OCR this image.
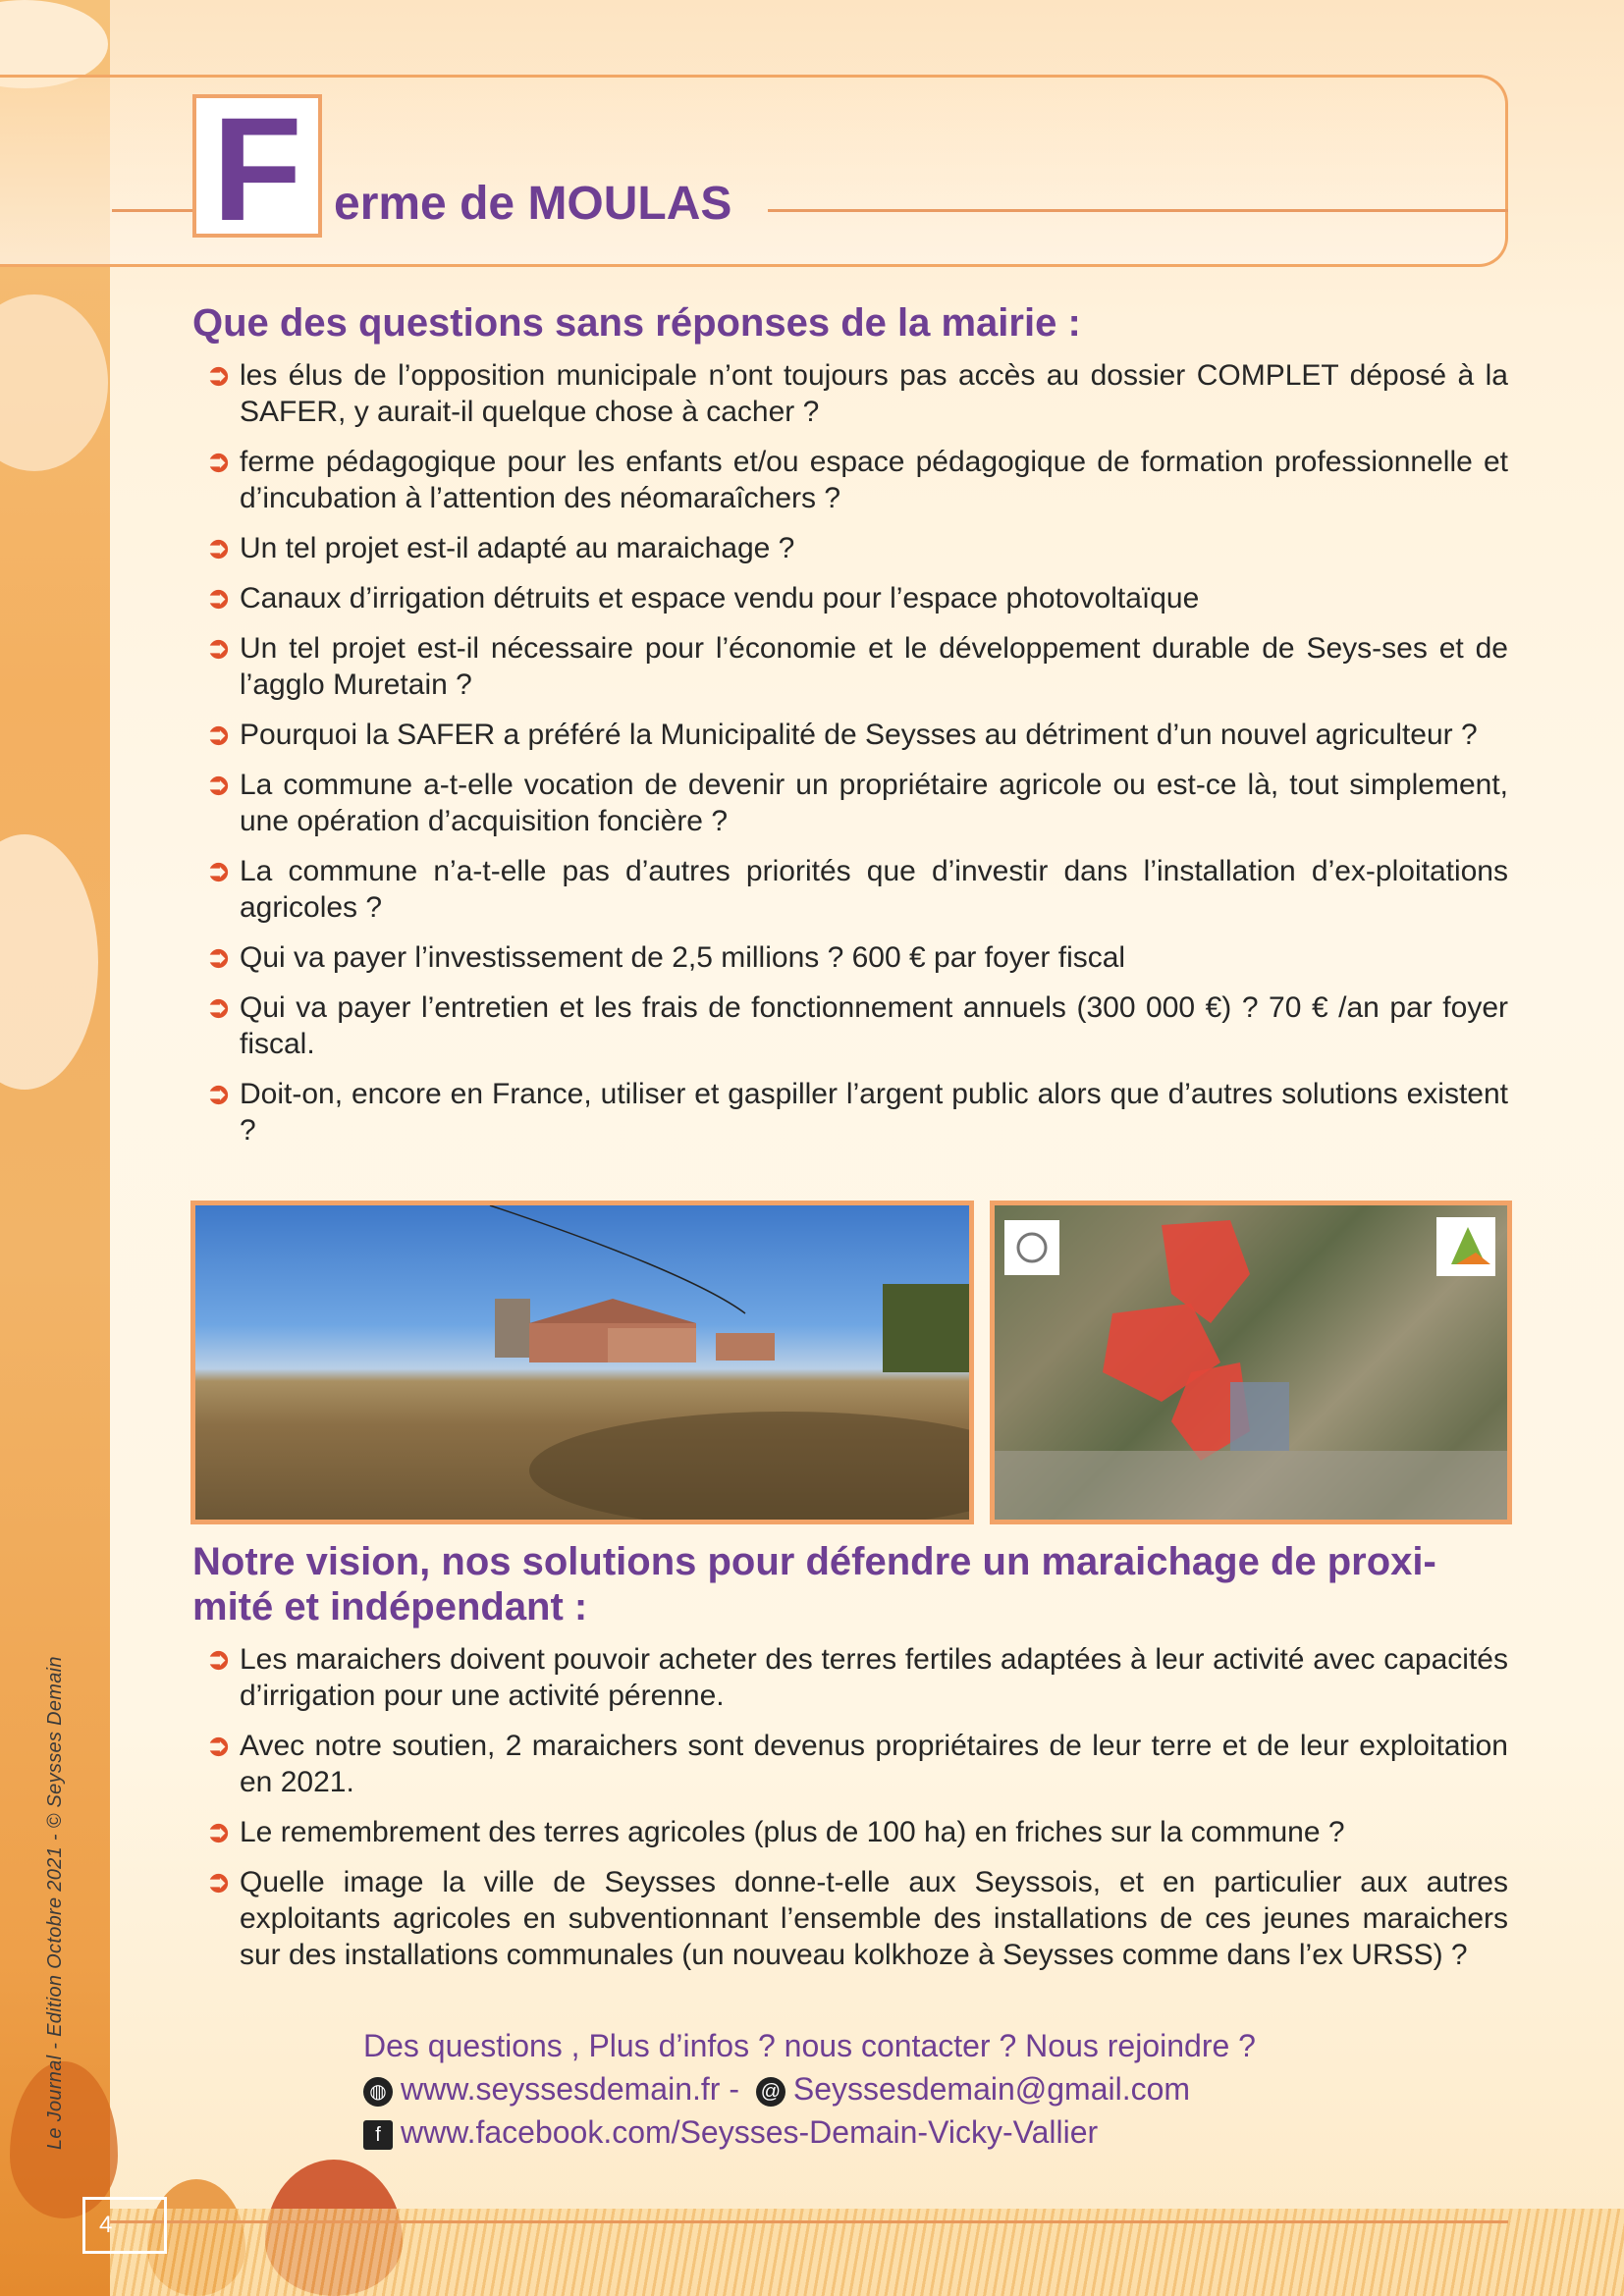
Le Journal - Edition Octobre 2021 - © Seysses Demain
4
F erme de MOULAS
Que des questions sans réponses de la mairie :
➲ les élus de l’opposition municipale n’ont toujours pas accès au dossier COMPLET déposé à la SAFER, y aurait-il quelque chose à cacher ?
➲ ferme pédagogique pour les enfants et/ou espace pédagogique de formation professionnelle et d’incubation à l’attention des néomaraîchers ?
➲ Un tel projet est-il adapté au maraichage ?
➲ Canaux d’irrigation détruits et espace vendu pour l’espace photovoltaïque
➲ Un tel projet est-il nécessaire pour l’économie et le développement durable de Seys-ses et de l’agglo Muretain ?
➲ Pourquoi la SAFER a préféré la Municipalité de Seysses au détriment d’un nouvel agriculteur ?
➲ La commune a-t-elle vocation de devenir un propriétaire agricole ou est-ce là, tout simplement, une opération d’acquisition foncière ?
➲ La commune n’a-t-elle pas d’autres priorités que d’investir dans l’installation d’ex-ploitations agricoles ?
➲ Qui va payer l’investissement de 2,5 millions ? 600 € par foyer fiscal
➲ Qui va payer l’entretien et les frais de fonctionnement annuels (300 000 €) ? 70 € /an par foyer fiscal.
➲ Doit-on, encore en France, utiliser et gaspiller l’argent public alors que d’autres solutions existent ?
Notre vision, nos solutions pour défendre un maraichage de proxi-
mité et indépendant :
➲ Les maraichers doivent pouvoir acheter des terres fertiles adaptées à leur activité avec capacités d’irrigation pour une activité pérenne.
➲ Avec notre soutien, 2 maraichers sont devenus propriétaires de leur terre et de leur exploitation en 2021.
➲ Le remembrement des terres agricoles (plus de 100 ha) en friches sur la commune ?
➲ Quelle image la ville de Seysses donne-t-elle aux Seyssois, et en particulier aux autres exploitants agricoles en subventionnant l’ensemble des installations de ces jeunes maraichers sur des installations communales (un nouveau kolkhoze à Seysses comme dans l’ex URSS) ?
Des questions , Plus d’infos ? nous contacter ? Nous rejoindre ?
◍ www.seyssesdemain.fr - @ Seyssesdemain@gmail.com
f www.facebook.com/Seysses-Demain-Vicky-Vallier
